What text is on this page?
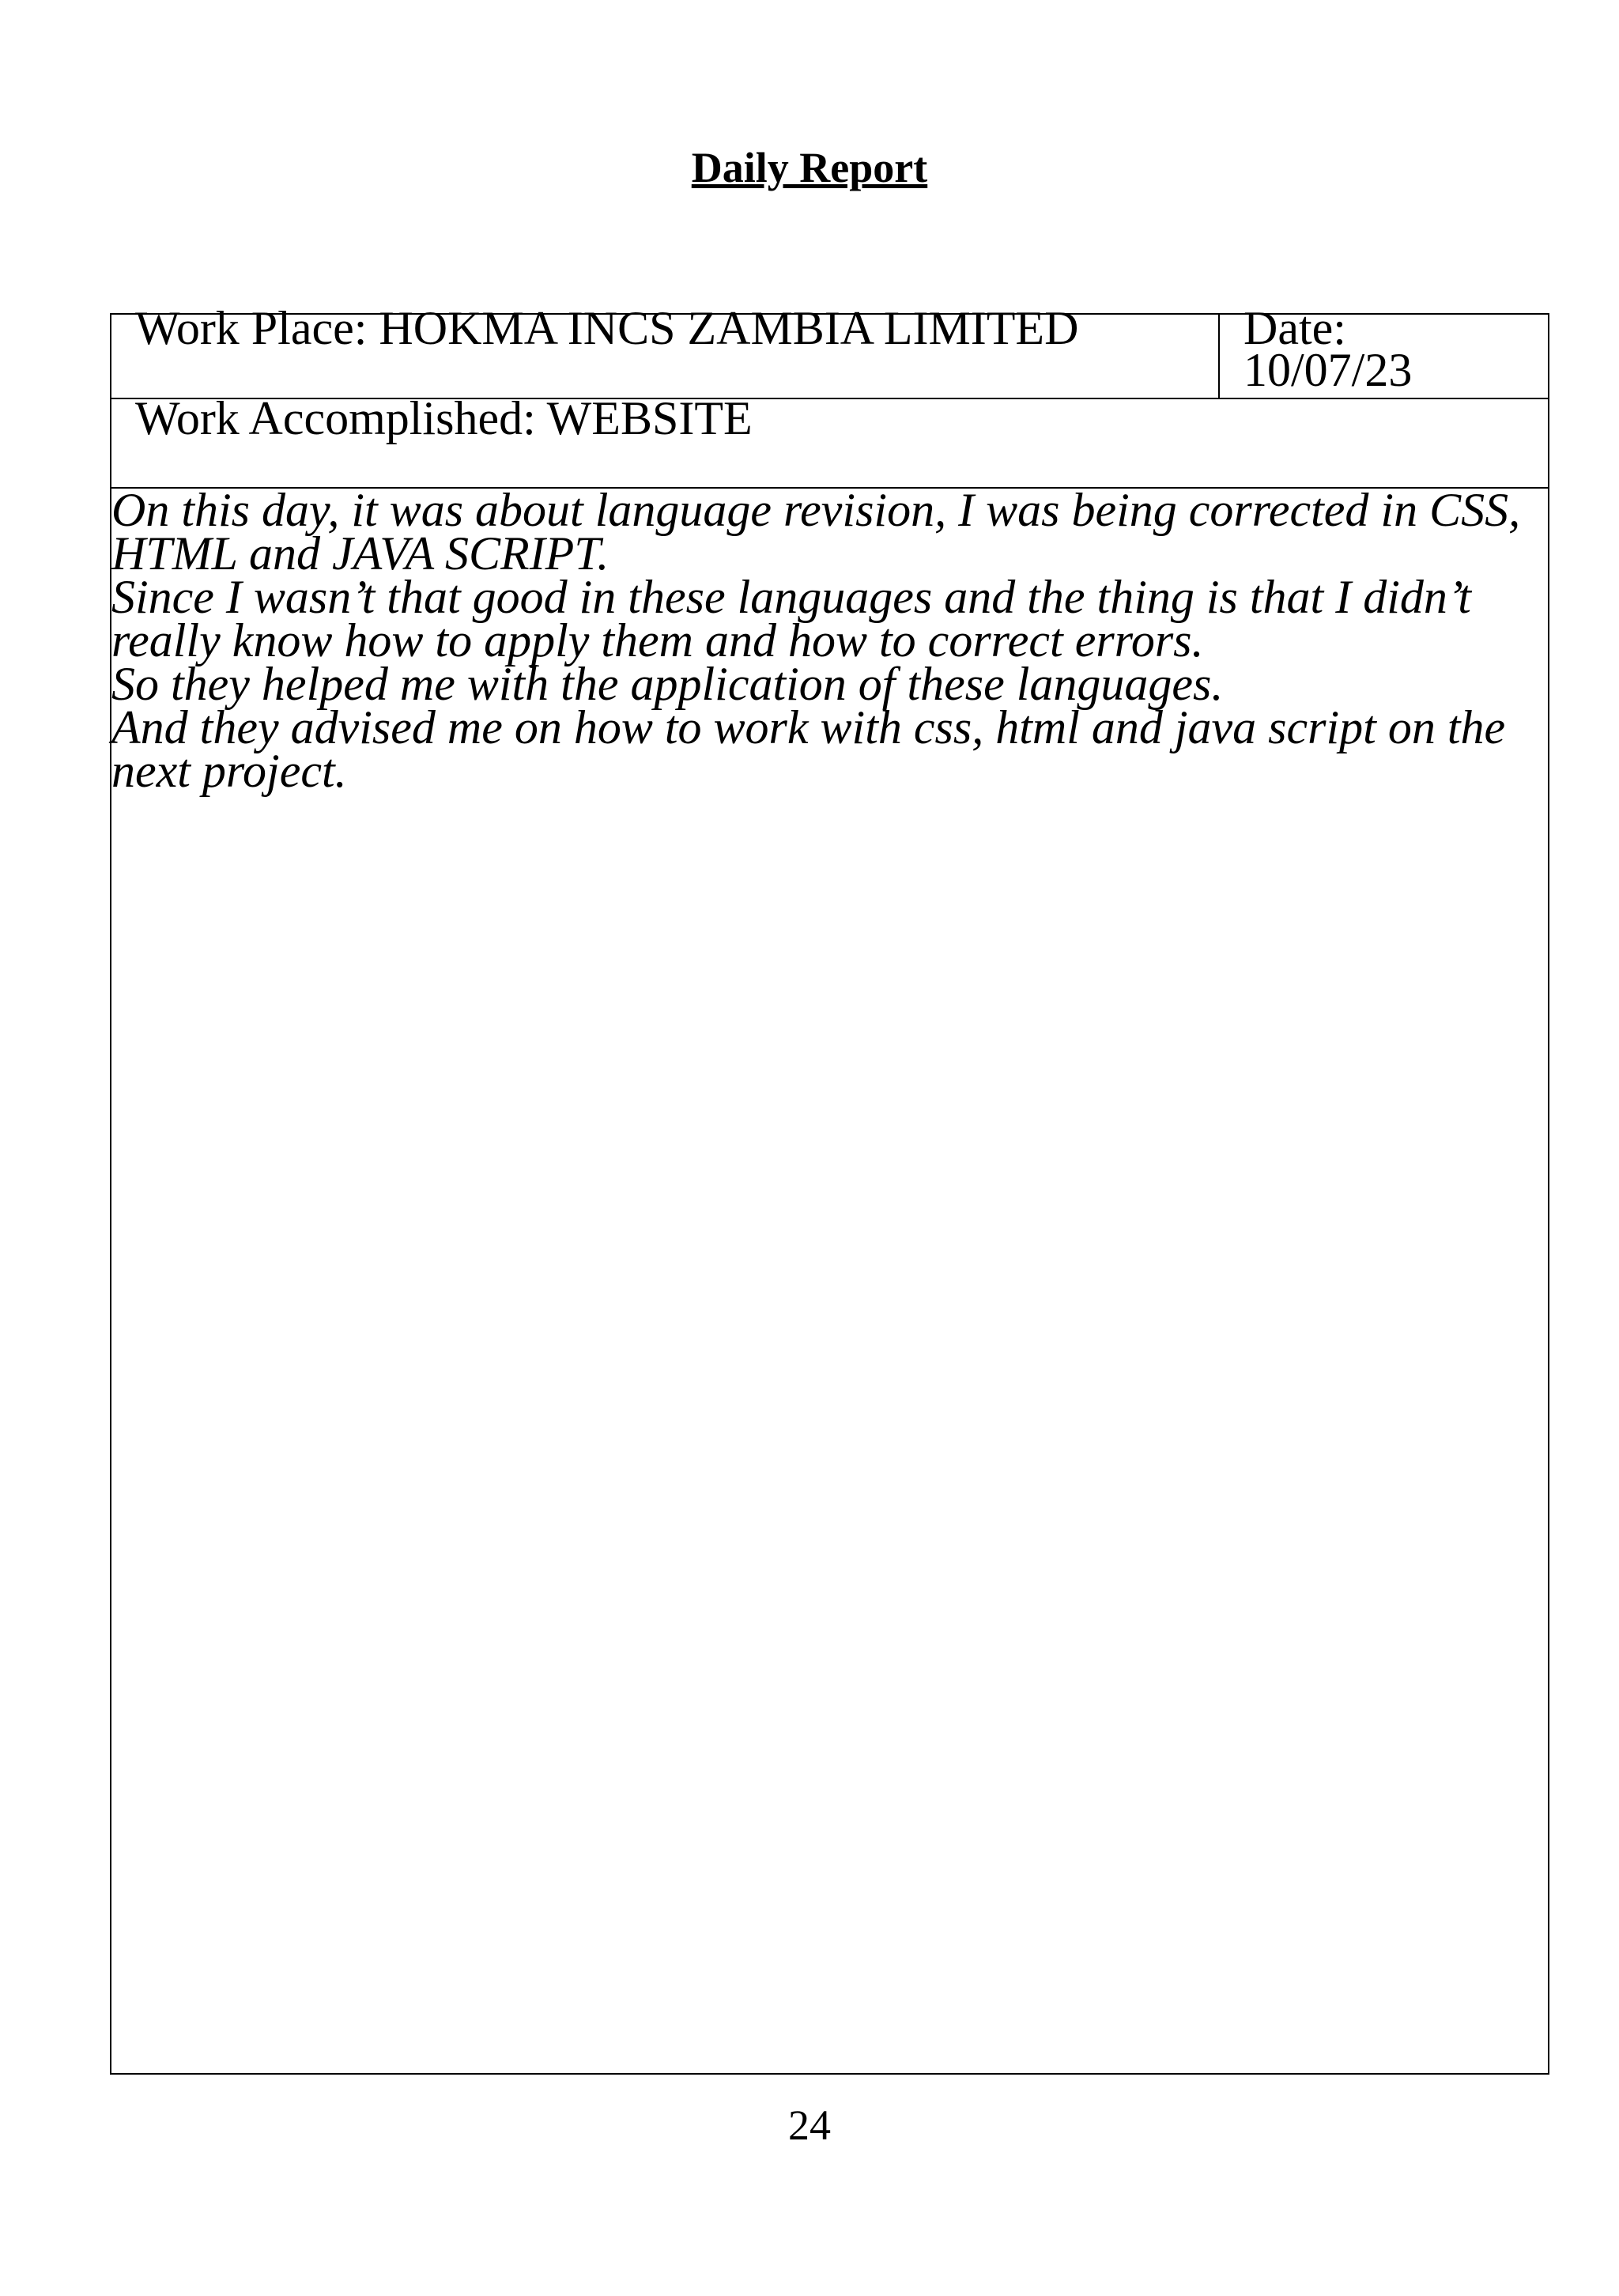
Daily Report
Work Place: HOKMA INCS ZAMBIA LIMITED	Date:
10/07/23
Work Accomplished: WEBSITE

On this day, it was about language revision, I was being corrected in CSS, HTML and JAVA SCRIPT.

Since I wasn’t that good in these languages and the thing is that I didn’t really know how to apply them and how to correct errors.

So they helped me with the application of these languages.

And they advised me on how to work with css, html and java script on the next project.

24
